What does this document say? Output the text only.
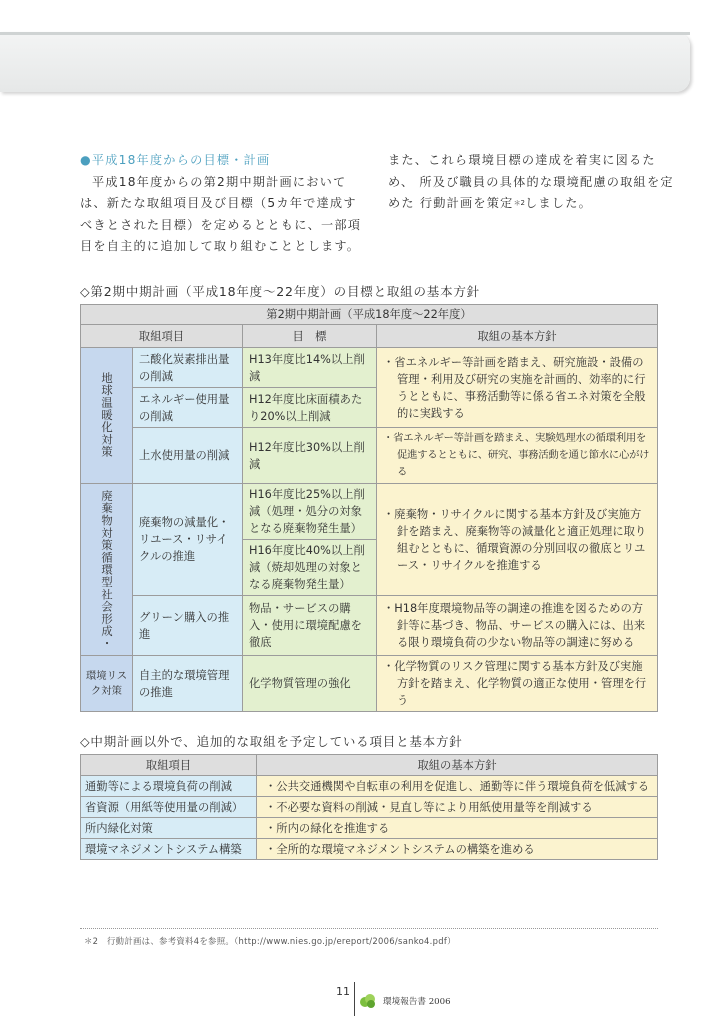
●平成18年度からの目標・計画
平成18年度からの第2期中期計画において は、新たな取組項目及び目標（5カ年で達成す べきとされた目標）を定めるとともに、一部項 目を自主的に追加して取り組むこととします。
また、これら環境目標の達成を着実に図るため、 所及び職員の具体的な環境配慮の取組を定めた 行動計画を策定$^{*2}$しました。
◇第2期中期計画（平成18年度〜22年度）の目標と取組の基本方針
第2期中期計画（平成18年度〜22年度）			
取組項目		目　標	取組の基本方針

地球温暖化対策	二酸化炭素排出量の削減	H13年度比14%以上削減	・省エネルギー等計画を踏まえ、研究施設・設備の管理・利用及び研究の実施を計画的、効率的に行うとともに、事務活動等に係る省エネ対策を全般的に実践する

	エネルギー使用量の削減	H12年度比床面積あたり20%以上削減	
	上水使用量の削減	H12年度比30%以上削減	・省エネルギー等計画を踏まえ、実験処理水の循環利用を促進するとともに、研究、事務活動を通じ節水に心がける

廃棄物対策循環型社会形成・	廃棄物の減量化・リユース・リサイクルの推進	H16年度比25%以上削減（処理・処分の対象となる廃棄物発生量）	・廃棄物・リサイクルに関する基本方針及び実施方針を踏まえ、廃棄物等の減量化と適正処理に取り組むとともに、循環資源の分別回収の徹底とリユース・リサイクルを推進する

		H16年度比40%以上削減（焼却処理の対象となる廃棄物発生量）	
	グリーン購入の推進	物品・サービスの購入・使用に環境配慮を徹底	・H18年度環境物品等の調達の推進を図るための方針等に基づき、物品、サービスの購入には、出来る限り環境負荷の少ない物品等の調達に努める

環境リスク対策	自主的な環境管理の推進	化学物質管理の強化	・化学物質のリスク管理に関する基本方針及び実施方針を踏まえ、化学物質の適正な使用・管理を行う
◇中期計画以外で、追加的な取組を予定している項目と基本方針
取組項目	取組の基本方針
通勤等による環境負荷の削減	・公共交通機関や自転車の利用を促進し、通勤等に伴う環境負荷を低減する
省資源（用紙等使用量の削減）	・不必要な資料の削減・見直し等により用紙使用量等を削減する
所内緑化対策	・所内の緑化を推進する
環境マネジメントシステム構築	・全所的な環境マネジメントシステムの構築を進める
＊2　行動計画は、参考資料4を参照。（http://www.nies.go.jp/ereport/2006/sanko4.pdf）
11
環境報告書 2006
